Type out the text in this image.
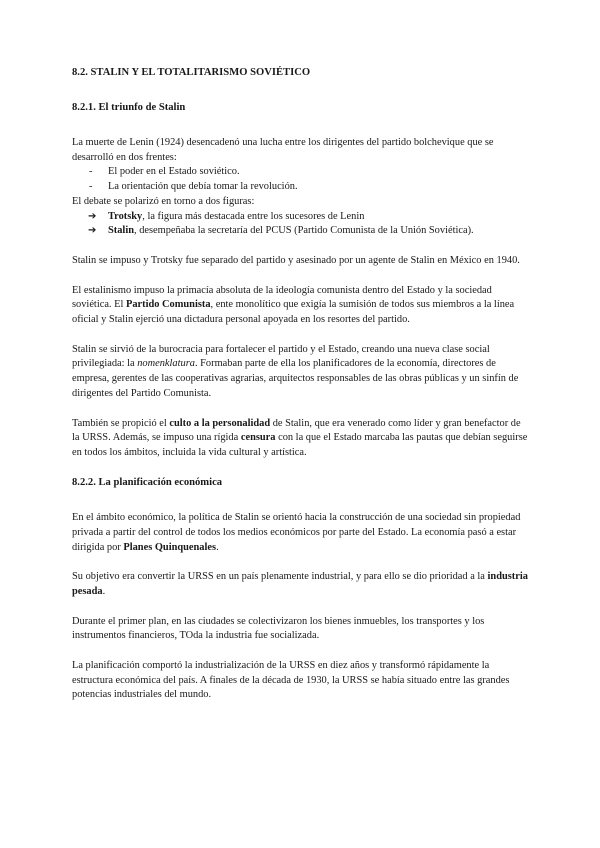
8.2. STALIN Y EL TOTALITARISMO SOVIÉTICO
8.2.1. El triunfo de Stalin

La muerte de Lenin (1924) desencadenó una lucha entre los dirigentes del partido bolchevique que se desarrolló en dos frentes:

- El poder en el Estado soviético.
- La orientación que debía tomar la revolución.

El debate se polarizó en torno a dos figuras:

➔ Trotsky, la figura más destacada entre los sucesores de Lenin
➔ Stalin, desempeñaba la secretaría del PCUS (Partido Comunista de la Unión Soviética).

Stalin se impuso y Trotsky fue separado del partido y asesinado por un agente de Stalin en México en 1940.

El estalinismo impuso la primacía absoluta de la ideología comunista dentro del Estado y la sociedad soviética. El Partido Comunista, ente monolítico que exigía la sumisión de todos sus miembros a la línea oficial y Stalin ejerció una dictadura personal apoyada en los resortes del partido.

Stalin se sirvió de la burocracia para fortalecer el partido y el Estado, creando una nueva clase social privilegiada: la nomenklatura. Formaban parte de ella los planificadores de la economía, directores de empresa, gerentes de las cooperativas agrarias, arquitectos responsables de las obras públicas y un sinfín de dirigentes del Partido Comunista.

También se propició el culto a la personalidad de Stalin, que era venerado como líder y gran benefactor de la URSS. Además, se impuso una rígida censura con la que el Estado marcaba las pautas que debían seguirse en todos los ámbitos, incluida la vida cultural y artística.

8.2.2. La planificación económica

En el ámbito económico, la política de Stalin se orientó hacia la construcción de una sociedad sin propiedad privada a partir del control de todos los medios económicos por parte del Estado. La economía pasó a estar dirigida por Planes Quinquenales.

Su objetivo era convertir la URSS en un país plenamente industrial, y para ello se dio prioridad a la industria pesada.

Durante el primer plan, en las ciudades se colectivizaron los bienes inmuebles, los transportes y los instrumentos financieros, TOda la industria fue socializada.

La planificación comportó la industrialización de la URSS en diez años y transformó rápidamente la estructura económica del país. A finales de la década de 1930, la URSS se había situado entre las grandes potencias industriales del mundo.
